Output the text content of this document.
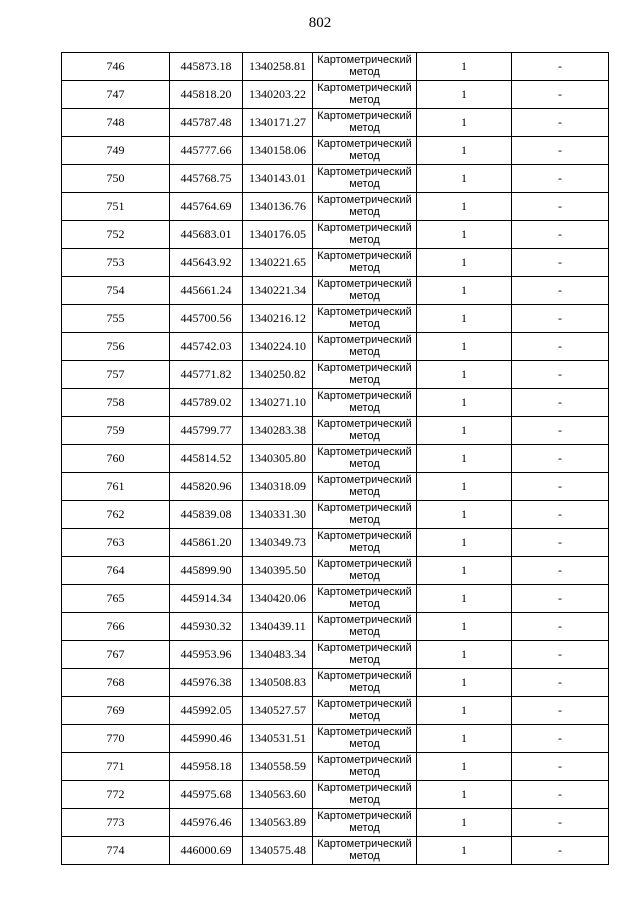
802
746	445873.18	1340258.81	Картометрический
метод	1	-
747	445818.20	1340203.22	Картометрический
метод	1	-
748	445787.48	1340171.27	Картометрический
метод	1	-
749	445777.66	1340158.06	Картометрический
метод	1	-
750	445768.75	1340143.01	Картометрический
метод	1	-
751	445764.69	1340136.76	Картометрический
метод	1	-
752	445683.01	1340176.05	Картометрический
метод	1	-
753	445643.92	1340221.65	Картометрический
метод	1	-
754	445661.24	1340221.34	Картометрический
метод	1	-
755	445700.56	1340216.12	Картометрический
метод	1	-
756	445742.03	1340224.10	Картометрический
метод	1	-
757	445771.82	1340250.82	Картометрический
метод	1	-
758	445789.02	1340271.10	Картометрический
метод	1	-
759	445799.77	1340283.38	Картометрический
метод	1	-
760	445814.52	1340305.80	Картометрический
метод	1	-
761	445820.96	1340318.09	Картометрический
метод	1	-
762	445839.08	1340331.30	Картометрический
метод	1	-
763	445861.20	1340349.73	Картометрический
метод	1	-
764	445899.90	1340395.50	Картометрический
метод	1	-
765	445914.34	1340420.06	Картометрический
метод	1	-
766	445930.32	1340439.11	Картометрический
метод	1	-
767	445953.96	1340483.34	Картометрический
метод	1	-
768	445976.38	1340508.83	Картометрический
метод	1	-
769	445992.05	1340527.57	Картометрический
метод	1	-
770	445990.46	1340531.51	Картометрический
метод	1	-
771	445958.18	1340558.59	Картометрический
метод	1	-
772	445975.68	1340563.60	Картометрический
метод	1	-
773	445976.46	1340563.89	Картометрический
метод	1	-
774	446000.69	1340575.48	Картометрический
метод	1	-
